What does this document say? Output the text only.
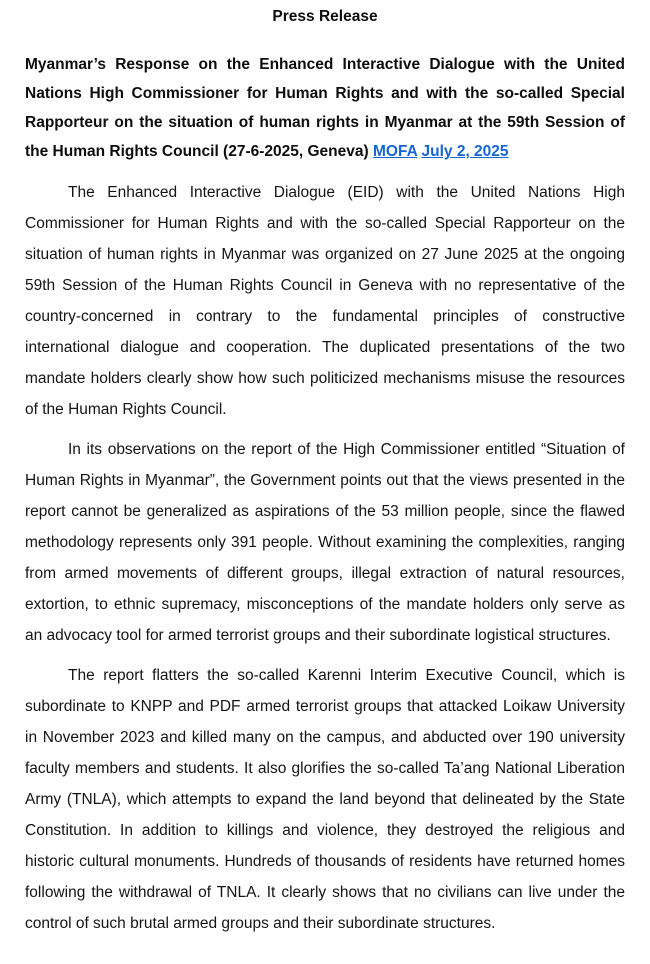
Press Release

Myanmar’s Response on the Enhanced Interactive Dialogue with the United Nations High Commissioner for Human Rights and with the so-called Special Rapporteur on the situation of human rights in Myanmar at the 59th Session of the Human Rights Council (27-6-2025, Geneva) MOFA July 2, 2025

The Enhanced Interactive Dialogue (EID) with the United Nations High Commissioner for Human Rights and with the so-called Special Rapporteur on the situation of human rights in Myanmar was organized on 27 June 2025 at the ongoing 59th Session of the Human Rights Council in Geneva with no representative of the country-concerned in contrary to the fundamental principles of constructive international dialogue and cooperation. The duplicated presentations of the two mandate holders clearly show how such politicized mechanisms misuse the resources of the Human Rights Council.

In its observations on the report of the High Commissioner entitled “Situation of Human Rights in Myanmar”, the Government points out that the views presented in the report cannot be generalized as aspirations of the 53 million people, since the flawed methodology represents only 391 people. Without examining the complexities, ranging from armed movements of different groups, illegal extraction of natural resources, extortion, to ethnic supremacy, misconceptions of the mandate holders only serve as an advocacy tool for armed terrorist groups and their subordinate logistical structures.

The report flatters the so-called Karenni Interim Executive Council, which is subordinate to KNPP and PDF armed terrorist groups that attacked Loikaw University in November 2023 and killed many on the campus, and abducted over 190 university faculty members and students. It also glorifies the so-called Ta’ang National Liberation Army (TNLA), which attempts to expand the land beyond that delineated by the State Constitution. In addition to killings and violence, they destroyed the religious and historic cultural monuments. Hundreds of thousands of residents have returned homes following the withdrawal of TNLA. It clearly shows that no civilians can live under the control of such brutal armed groups and their subordinate structures.
